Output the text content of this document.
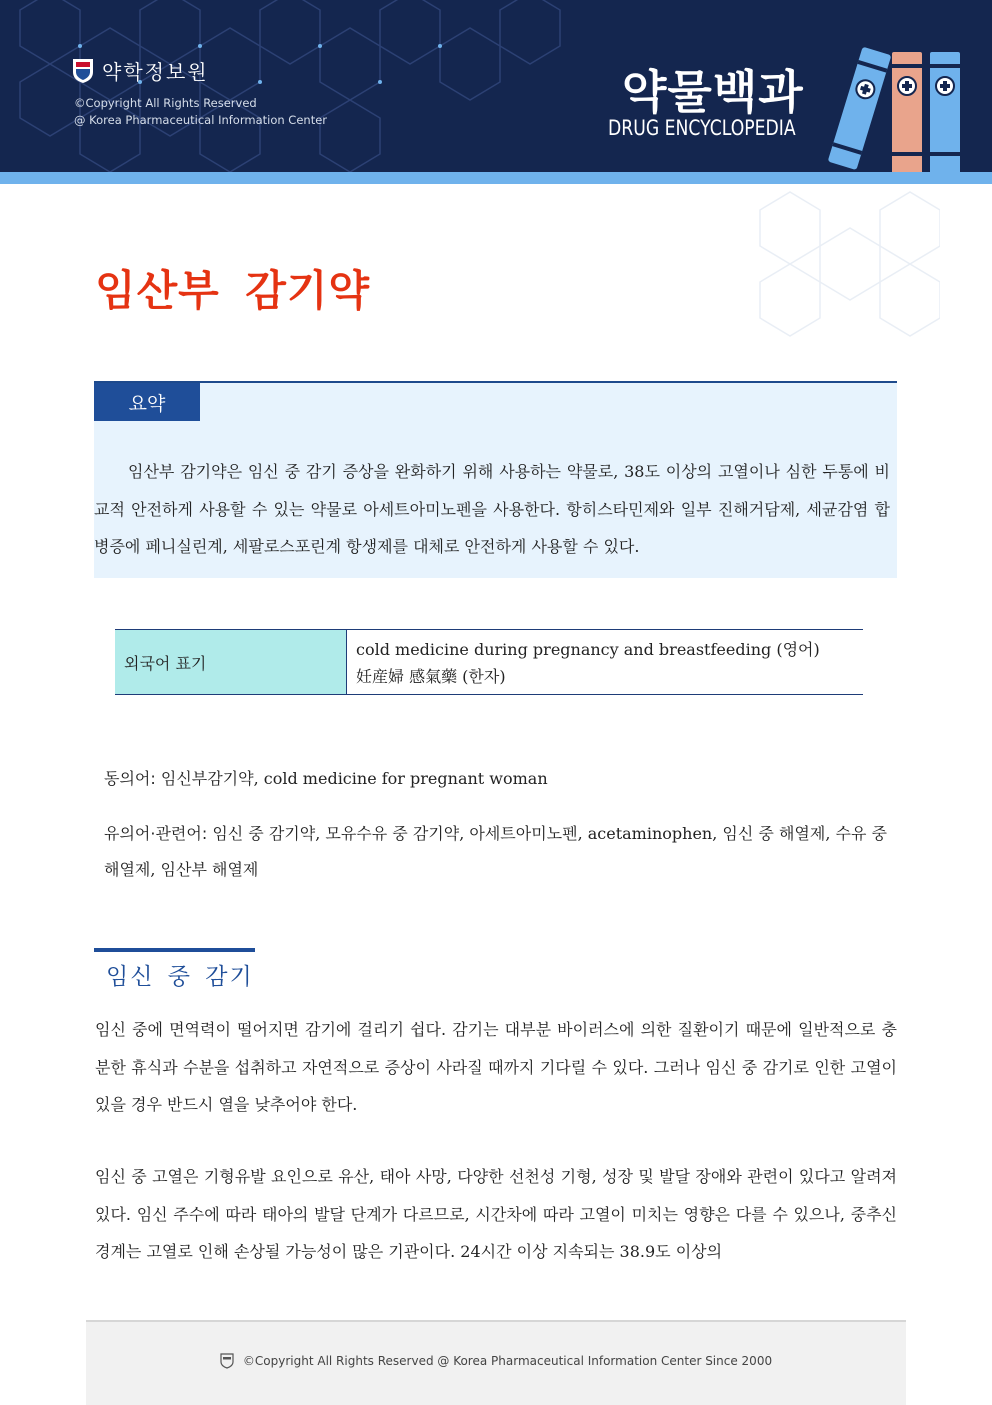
약학정보원
©Copyright All Rights Reserved
@ Korea Pharmaceutical Information Center
약물백과
DRUG ENCYCLOPEDIA
임산부 감기약
요약
임산부 감기약은 임신 중 감기 증상을 완화하기 위해 사용하는 약물로, 38도 이상의 고열이나 심한 두통에 비교적 안전하게 사용할 수 있는 약물로 아세트아미노펜을 사용한다. 항히스타민제와 일부 진해거담제, 세균감염 합병증에 페니실린계, 세팔로스포린계 항생제를 대체로 안전하게 사용할 수 있다.
외국어 표기
cold medicine during pregnancy and breastfeeding (영어)
妊産婦 感氣藥 (한자)
동의어: 임신부감기약, cold medicine for pregnant woman
유의어·관련어: 임신 중 감기약, 모유수유 중 감기약, 아세트아미노펜, acetaminophen, 임신 중 해열제, 수유 중 해열제, 임산부 해열제
임신 중 감기
임신 중에 면역력이 떨어지면 감기에 걸리기 쉽다. 감기는 대부분 바이러스에 의한 질환이기 때문에 일반적으로 충분한 휴식과 수분을 섭취하고 자연적으로 증상이 사라질 때까지 기다릴 수 있다. 그러나 임신 중 감기로 인한 고열이 있을 경우 반드시 열을 낮추어야 한다.
임신 중 고열은 기형유발 요인으로 유산, 태아 사망, 다양한 선천성 기형, 성장 및 발달 장애와 관련이 있다고 알려져 있다. 임신 주수에 따라 태아의 발달 단계가 다르므로, 시간차에 따라 고열이 미치는 영향은 다를 수 있으나, 중추신경계는 고열로 인해 손상될 가능성이 많은 기관이다. 24시간 이상 지속되는 38.9도 이상의
©Copyright All Rights Reserved @ Korea Pharmaceutical Information Center Since 2000
